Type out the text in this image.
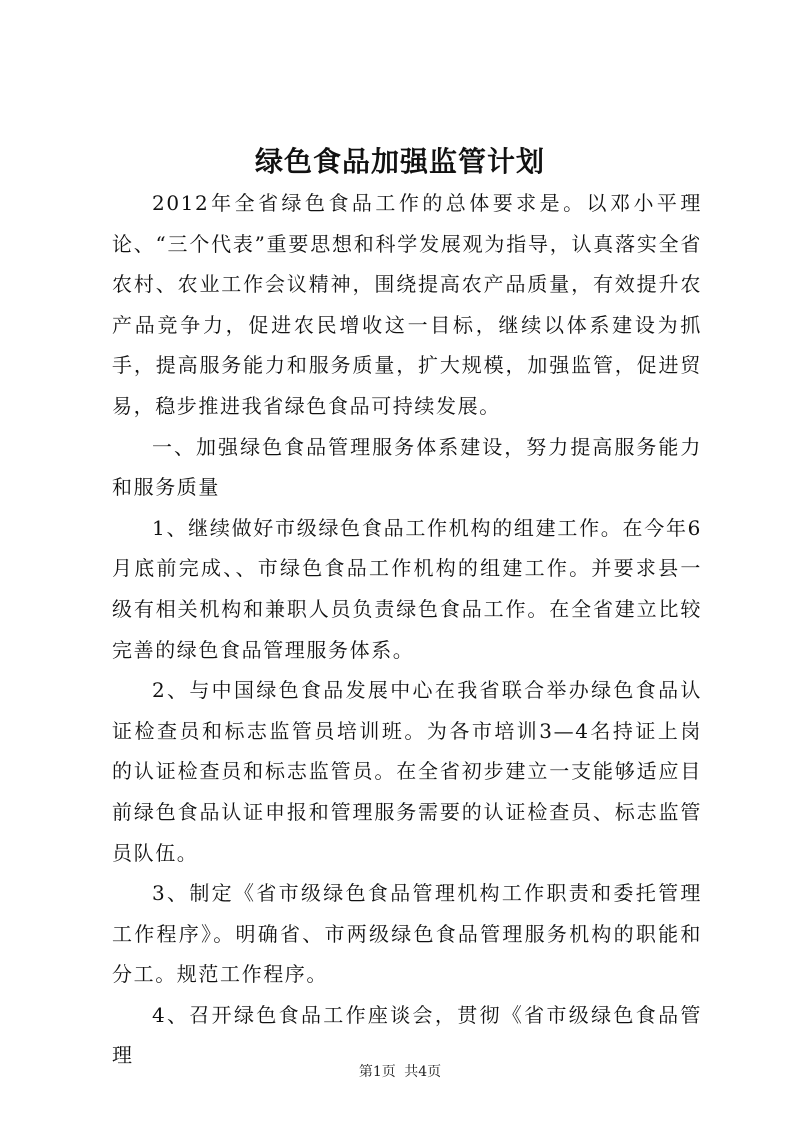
绿色食品加强监管计划

2012年全省绿色食品工作的总体要求是。以邓小平理论、“三个代表”重要思想和科学发展观为指导，认真落实全省农村、农业工作会议精神，围绕提高农产品质量，有效提升农产品竞争力，促进农民增收这一目标，继续以体系建设为抓手，提高服务能力和服务质量，扩大规模，加强监管，促进贸易，稳步推进我省绿色食品可持续发展。

一、加强绿色食品管理服务体系建设，努力提高服务能力和服务质量

1、继续做好市级绿色食品工作机构的组建工作。在今年6月底前完成、、市绿色食品工作机构的组建工作。并要求县一级有相关机构和兼职人员负责绿色食品工作。在全省建立比较完善的绿色食品管理服务体系。

2、与中国绿色食品发展中心在我省联合举办绿色食品认证检查员和标志监管员培训班。为各市培训3—4名持证上岗的认证检查员和标志监管员。在全省初步建立一支能够适应目前绿色食品认证申报和管理服务需要的认证检查员、标志监管员队伍。

3、制定《省市级绿色食品管理机构工作职责和委托管理工作程序》。明确省、市两级绿色食品管理服务机构的职能和分工。规范工作程序。

4、召开绿色食品工作座谈会，贯彻《省市级绿色食品管理

第1页 共4页
